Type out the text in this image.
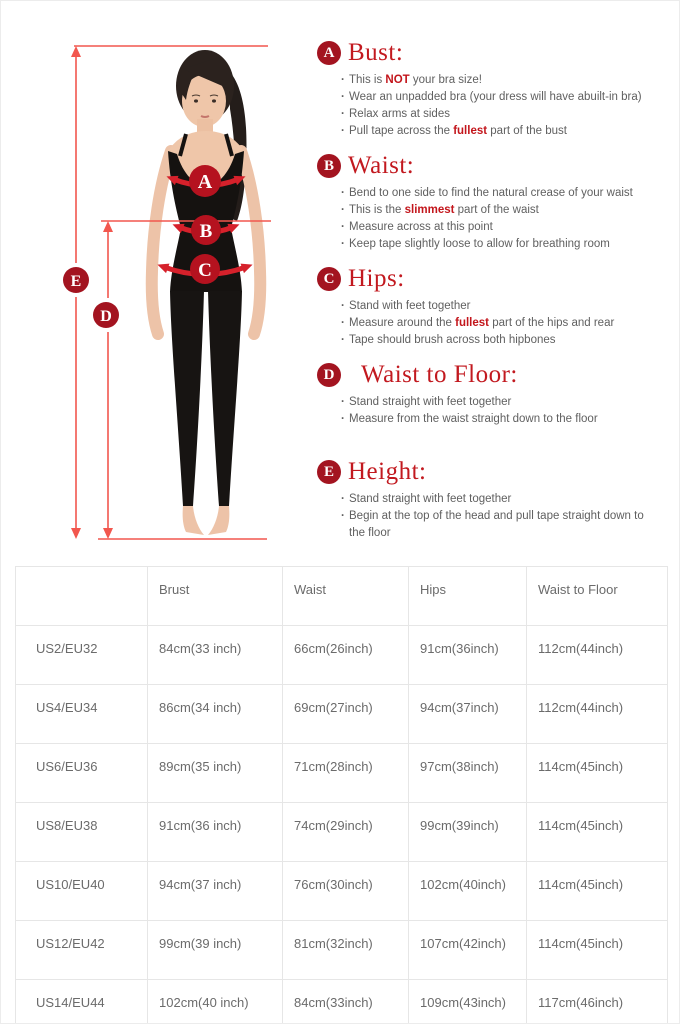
A
B
C
E
D
A Bust:
· This is NOT your bra size!
· Wear an unpadded bra (your dress will have abuilt-in bra)
· Relax arms at sides
· Pull tape across the fullest part of the bust
B Waist:
· Bend to one side to find the natural crease of your waist
· This is the slimmest part of the waist
· Measure across at this point
· Keep tape slightly loose to allow for breathing room
C Hips:
· Stand with feet together
· Measure around the fullest part of the hips and rear
· Tape should brush across both hipbones
D Waist to Floor:
· Stand straight with feet together
· Measure from the waist straight down to the floor
E Height:
· Stand straight with feet together
· Begin at the top of the head and pull tape straight down to the floor
	Brust	Waist	Hips	Waist to Floor
US2/EU32	84cm(33 inch)	66cm(26inch)	91cm(36inch)	112cm(44inch)
US4/EU34	86cm(34 inch)	69cm(27inch)	94cm(37inch)	112cm(44inch)
US6/EU36	89cm(35 inch)	71cm(28inch)	97cm(38inch)	114cm(45inch)
US8/EU38	91cm(36 inch)	74cm(29inch)	99cm(39inch)	114cm(45inch)
US10/EU40	94cm(37 inch)	76cm(30inch)	102cm(40inch)	114cm(45inch)
US12/EU42	99cm(39 inch)	81cm(32inch)	107cm(42inch)	114cm(45inch)
US14/EU44	102cm(40 inch)	84cm(33inch)	109cm(43inch)	117cm(46inch)
